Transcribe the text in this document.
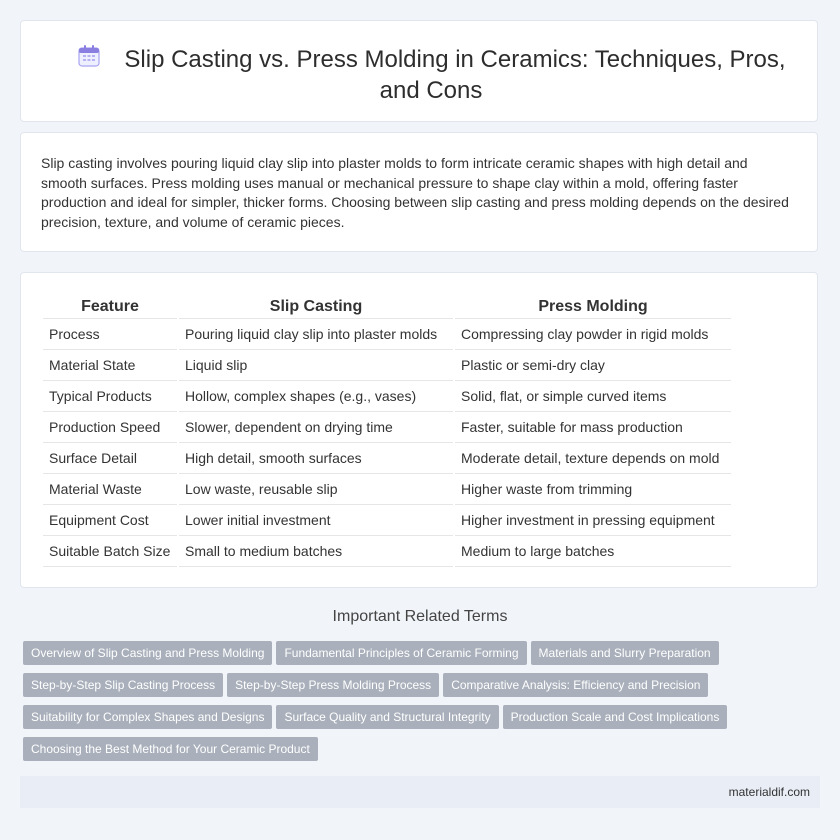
Slip Casting vs. Press Molding in Ceramics: Techniques, Pros, and Cons

Slip casting involves pouring liquid clay slip into plaster molds to form intricate ceramic shapes with high detail and smooth surfaces. Press molding uses manual or mechanical pressure to shape clay within a mold, offering faster production and ideal for simpler, thicker forms. Choosing between slip casting and press molding depends on the desired precision, texture, and volume of ceramic pieces.

Feature	Slip Casting	Press Molding
Process	Pouring liquid clay slip into plaster molds	Compressing clay powder in rigid molds
Material State	Liquid slip	Plastic or semi-dry clay
Typical Products	Hollow, complex shapes (e.g., vases)	Solid, flat, or simple curved items
Production Speed	Slower, dependent on drying time	Faster, suitable for mass production
Surface Detail	High detail, smooth surfaces	Moderate detail, texture depends on mold
Material Waste	Low waste, reusable slip	Higher waste from trimming
Equipment Cost	Lower initial investment	Higher investment in pressing equipment
Suitable Batch Size	Small to medium batches	Medium to large batches
Important Related Terms
Overview of Slip Casting and Press Molding Fundamental Principles of Ceramic Forming Materials and Slurry Preparation
Step-by-Step Slip Casting Process Step-by-Step Press Molding Process Comparative Analysis: Efficiency and Precision
Suitability for Complex Shapes and Designs Surface Quality and Structural Integrity Production Scale and Cost Implications
Choosing the Best Method for Your Ceramic Product
materialdif.com
